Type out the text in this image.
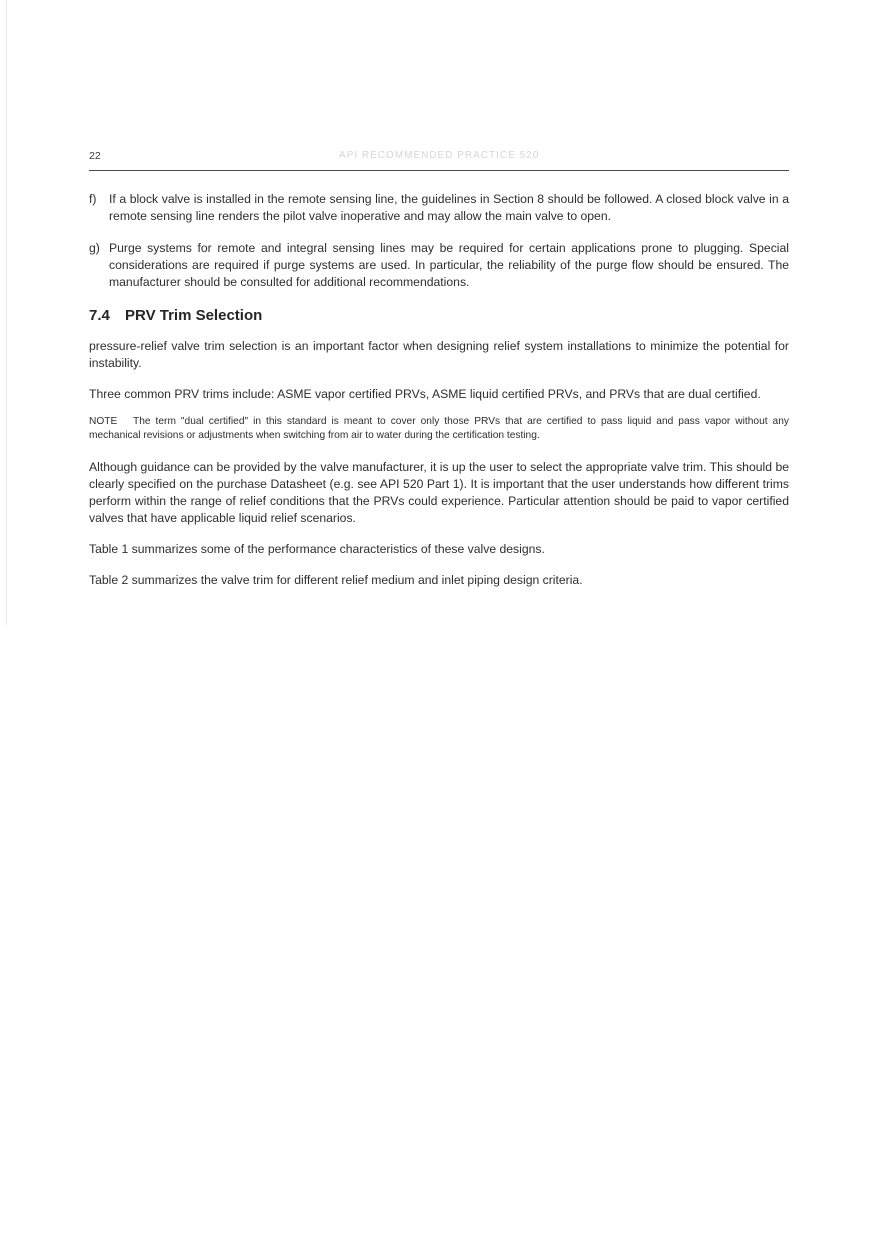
22	API RECOMMENDED PRACTICE 520
f)	If a block valve is installed in the remote sensing line, the guidelines in Section 8 should be followed. A closed block valve in a remote sensing line renders the pilot valve inoperative and may allow the main valve to open.
g) Purge systems for remote and integral sensing lines may be required for certain applications prone to plugging. Special considerations are required if purge systems are used. In particular, the reliability of the purge flow should be ensured. The manufacturer should be consulted for additional recommendations.
7.4 PRV Trim Selection

pressure-relief valve trim selection is an important factor when designing relief system installations to minimize the potential for instability.

Three common PRV trims include: ASME vapor certified PRVs, ASME liquid certified PRVs, and PRVs that are dual certified.

NOTE The term "dual certified" in this standard is meant to cover only those PRVs that are certified to pass liquid and pass vapor without any mechanical revisions or adjustments when switching from air to water during the certification testing.

Although guidance can be provided by the valve manufacturer, it is up the user to select the appropriate valve trim. This should be clearly specified on the purchase Datasheet (e.g. see API 520 Part 1). It is important that the user understands how different trims perform within the range of relief conditions that the PRVs could experience. Particular attention should be paid to vapor certified valves that have applicable liquid relief scenarios.

Table 1 summarizes some of the performance characteristics of these valve designs.

Table 2 summarizes the valve trim for different relief medium and inlet piping design criteria.
